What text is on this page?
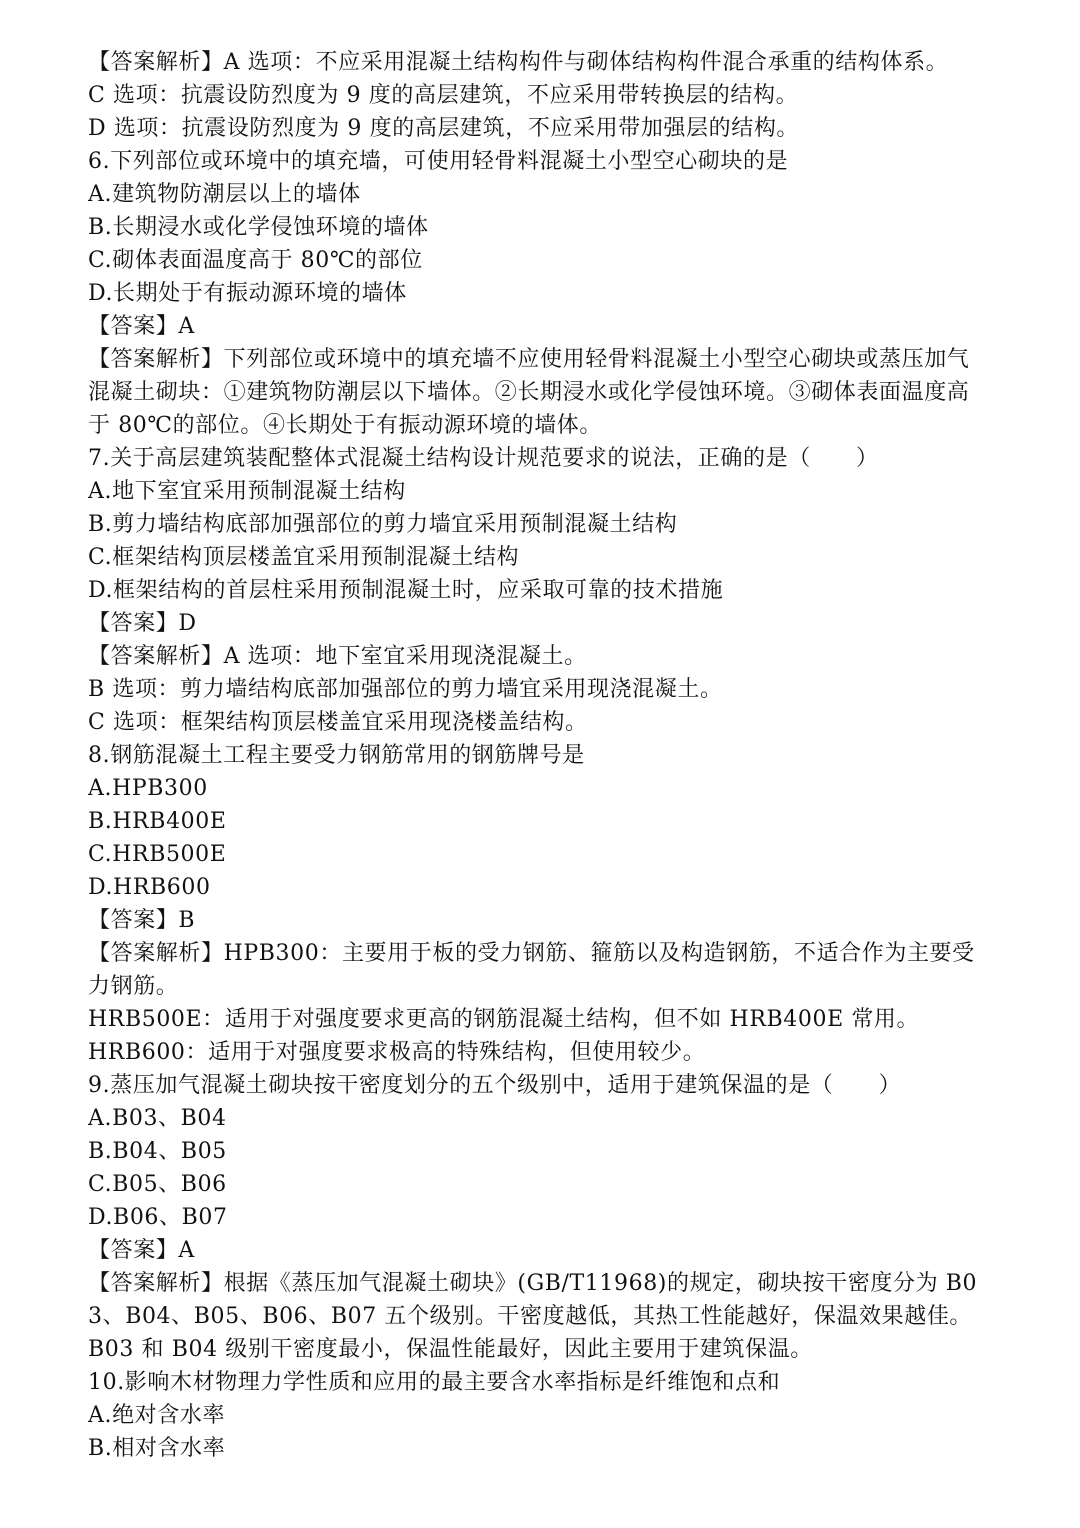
【答案解析】A 选项：不应采用混凝土结构构件与砌体结构构件混合承重的结构体系。
C 选项：抗震设防烈度为 9 度的高层建筑，不应采用带转换层的结构。
D 选项：抗震设防烈度为 9 度的高层建筑，不应采用带加强层的结构。
6.下列部位或环境中的填充墙，可使用轻骨料混凝土小型空心砌块的是
A.建筑物防潮层以上的墙体
B.长期浸水或化学侵蚀环境的墙体
C.砌体表面温度高于 80℃的部位
D.长期处于有振动源环境的墙体
【答案】A
【答案解析】下列部位或环境中的填充墙不应使用轻骨料混凝土小型空心砌块或蒸压加气混凝土砌块：①建筑物防潮层以下墙体。②长期浸水或化学侵蚀环境。③砌体表面温度高于 80℃的部位。④长期处于有振动源环境的墙体。
7.关于高层建筑装配整体式混凝土结构设计规范要求的说法，正确的是（　　）
A.地下室宜采用预制混凝土结构
B.剪力墙结构底部加强部位的剪力墙宜采用预制混凝土结构
C.框架结构顶层楼盖宜采用预制混凝土结构
D.框架结构的首层柱采用预制混凝土时，应采取可靠的技术措施
【答案】D
【答案解析】A 选项：地下室宜采用现浇混凝土。
B 选项：剪力墙结构底部加强部位的剪力墙宜采用现浇混凝土。
C 选项：框架结构顶层楼盖宜采用现浇楼盖结构。
8.钢筋混凝土工程主要受力钢筋常用的钢筋牌号是
A.HPB300
B.HRB400E
C.HRB500E
D.HRB600
【答案】B
【答案解析】HPB300：主要用于板的受力钢筋、箍筋以及构造钢筋，不适合作为主要受力钢筋。
HRB500E：适用于对强度要求更高的钢筋混凝土结构，但不如 HRB400E 常用。
HRB600：适用于对强度要求极高的特殊结构，但使用较少。
9.蒸压加气混凝土砌块按干密度划分的五个级别中，适用于建筑保温的是（　　）
A.B03、B04
B.B04、B05
C.B05、B06
D.B06、B07
【答案】A
【答案解析】根据《蒸压加气混凝土砌块》(GB/T11968)的规定，砌块按干密度分为 B03、B04、B05、B06、B07 五个级别。干密度越低，其热工性能越好，保温效果越佳。B03 和 B04 级别干密度最小，保温性能最好，因此主要用于建筑保温。
10.影响木材物理力学性质和应用的最主要含水率指标是纤维饱和点和
A.绝对含水率
B.相对含水率
